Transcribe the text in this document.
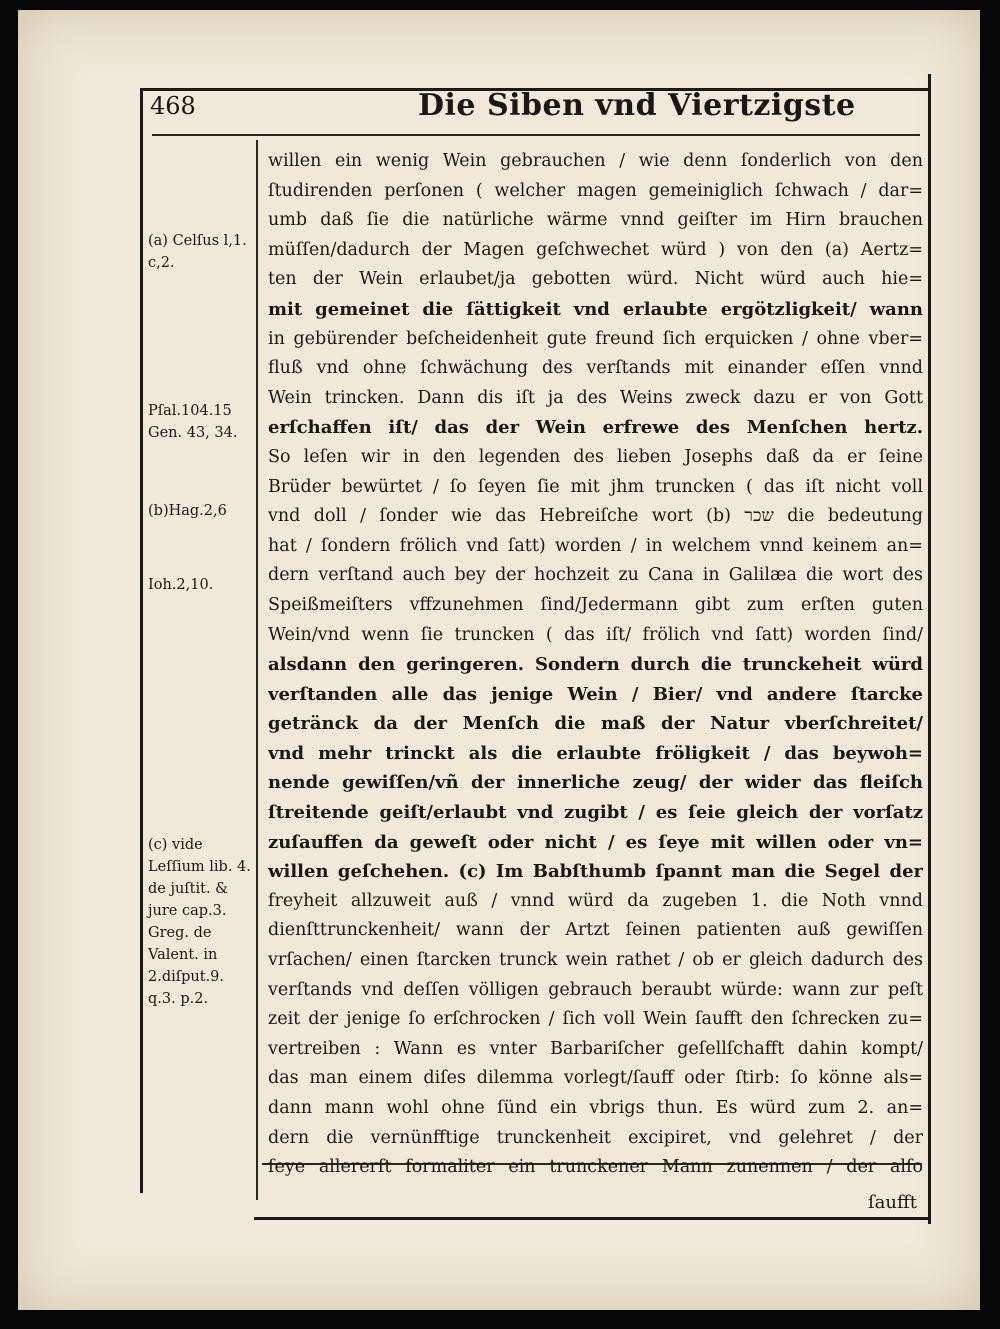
468	Die Siben vnd Viertzigste
(a) Celſus l,1. c,2.
Pſal.104.15 Gen. 43, 34.
(b)Hag.2,6
Ioh.2,10.
(c) vide Leſſium lib. 4. de juſtit. & jure cap.3. Greg. de Valent. in 2.diſput.9. q.3. p.2.
willen ein wenig Wein gebrauchen / wie denn ſonderlich von den
ſtudirenden perſonen ( welcher magen gemeiniglich ſchwach / dar=
umb daß ſie die natürliche wärme vnnd geiſter im Hirn brauchen
müſſen/dadurch der Magen geſchwechet würd ) von den (a) Aertz=
ten der Wein erlaubet/ja gebotten würd. Nicht würd auch hie=
mit gemeinet die ſättigkeit vnd erlaubte ergötzligkeit/ wann
in gebürender beſcheidenheit gute freund ſich erquicken / ohne vber=
fluß vnd ohne ſchwächung des verſtands mit einander eſſen vnnd
Wein trincken. Dann dis iſt ja des Weins zweck dazu er von Gott
erſchaffen iſt/ das der Wein erfrewe des Menſchen hertz.
So leſen wir in den legenden des lieben Josephs daß da er ſeine
Brüder bewürtet / ſo ſeyen ſie mit jhm truncken ( das iſt nicht voll
vnd doll / ſonder wie das Hebreiſche wort (b) שכר die bedeutung
hat / ſondern frölich vnd ſatt) worden / in welchem vnnd keinem an=
dern verſtand auch bey der hochzeit zu Cana in Galilæa die wort des
Speißmeiſters vffzunehmen ſind/Jedermann gibt zum erſten guten
Wein/vnd wenn ſie truncken ( das iſt/ frölich vnd ſatt) worden ſind/
alsdann den geringeren. Sondern durch die trunckeheit würd
verſtanden alle das jenige Wein / Bier/ vnd andere ſtarcke
getränck da der Menſch die maß der Natur vberſchreitet/
vnd mehr trinckt als die erlaubte fröligkeit / das beywoh=
nende gewiſſen/vñ der innerliche zeug/ der wider das fleiſch
ſtreitende geiſt/erlaubt vnd zugibt / es ſeie gleich der vorſatz
zuſauffen da geweſt oder nicht / es ſeye mit willen oder vn=
willen geſchehen. (c) Im Babſthumb ſpannt man die Segel der
freyheit allzuweit auß / vnnd würd da zugeben 1. die Noth vnnd
dienſttrunckenheit/ wann der Artzt ſeinen patienten auß gewiſſen
vrſachen/ einen ſtarcken trunck wein rathet / ob er gleich dadurch des
verſtands vnd deſſen völligen gebrauch beraubt würde: wann zur peſt
zeit der jenige ſo erſchrocken / ſich voll Wein ſaufft den ſchrecken zu=
vertreiben : Wann es vnter Barbariſcher geſellſchafft dahin kompt/
das man einem diſes dilemma vorlegt/ſauff oder ſtirb: ſo könne als=
dann mann wohl ohne ſünd ein vbrigs thun. Es würd zum 2. an=
dern die vernünfftige trunckenheit excipiret, vnd gelehret / der
ſeye allererſt formaliter ein trunckener Mann zunennen / der alſo
ſaufft
